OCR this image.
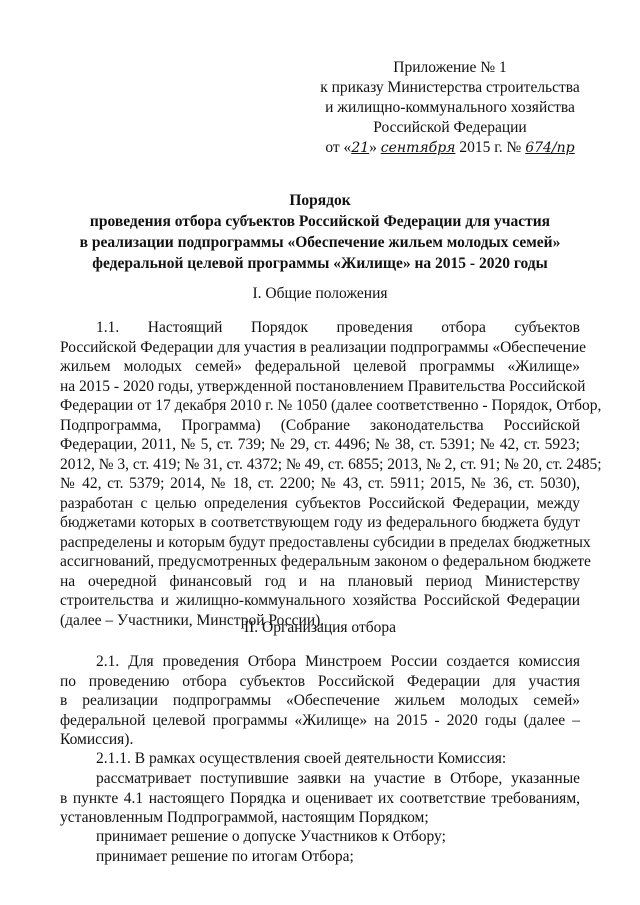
Приложение № 1
к приказу Министерства строительства
и жилищно-коммунального хозяйства
Российской Федерации
от «21» сентября 2015 г. № 674/пр
Порядок
проведения отбора субъектов Российской Федерации для участия
в реализации подпрограммы «Обеспечение жильем молодых семей»
федеральной целевой программы «Жилище» на 2015 - 2020 годы
I. Общие положения
1.1. Настоящий Порядок проведения отбора субъектов
Российской Федерации для участия в реализации подпрограммы «Обеспечение
жильем молодых семей» федеральной целевой программы «Жилище»
на 2015 - 2020 годы, утвержденной постановлением Правительства Российской
Федерации от 17 декабря 2010 г. № 1050 (далее соответственно - Порядок, Отбор,
Подпрограмма, Программа) (Собрание законодательства Российской
Федерации, 2011, № 5, ст. 739; № 29, ст. 4496; № 38, ст. 5391; № 42, ст. 5923;
2012, № 3, ст. 419; № 31, ст. 4372; № 49, ст. 6855; 2013, № 2, ст. 91; № 20, ст. 2485;
№ 42, ст. 5379; 2014, № 18, ст. 2200; № 43, ст. 5911; 2015, № 36, ст. 5030),
разработан с целью определения субъектов Российской Федерации, между
бюджетами которых в соответствующем году из федерального бюджета будут
распределены и которым будут предоставлены субсидии в пределах бюджетных
ассигнований, предусмотренных федеральным законом о федеральном бюджете
на очередной финансовый год и на плановый период Министерству
строительства и жилищно-коммунального хозяйства Российской Федерации
(далее – Участники, Минстрой России).
II. Организация отбора
2.1. Для проведения Отбора Минстроем России создается комиссия
по проведению отбора субъектов Российской Федерации для участия
в реализации подпрограммы «Обеспечение жильем молодых семей»
федеральной целевой программы «Жилище» на 2015 - 2020 годы (далее –
Комиссия).
2.1.1. В рамках осуществления своей деятельности Комиссия:
рассматривает поступившие заявки на участие в Отборе, указанные
в пункте 4.1 настоящего Порядка и оценивает их соответствие требованиям,
установленным Подпрограммой, настоящим Порядком;
принимает решение о допуске Участников к Отбору;
принимает решение по итогам Отбора;
